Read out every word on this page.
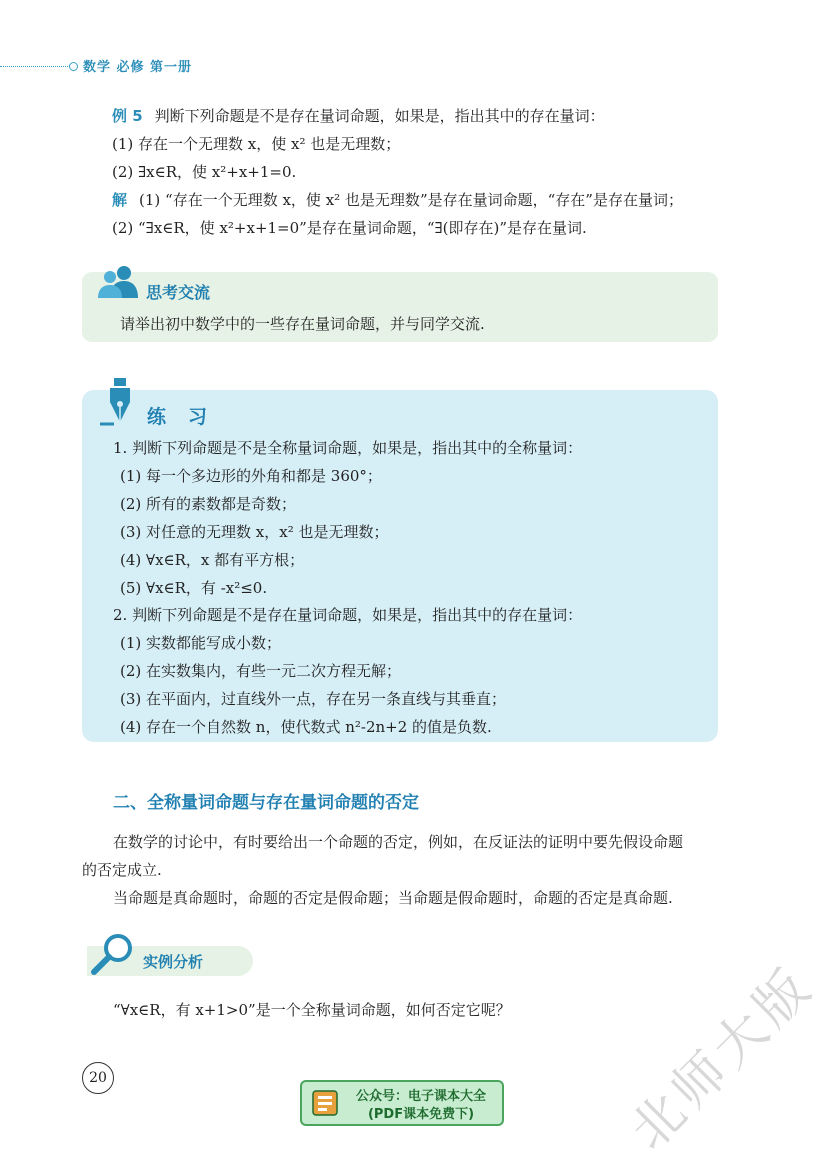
数学 必修 第一册
例 5 判断下列命题是不是存在量词命题，如果是，指出其中的存在量词：
(1) 存在一个无理数 x，使 x² 也是无理数；
(2) ∃x∈R，使 x²+x+1=0.
解 (1) “存在一个无理数 x，使 x² 也是无理数”是存在量词命题，“存在”是存在量词；
(2) “∃x∈R，使 x²+x+1=0”是存在量词命题，“∃(即存在)”是存在量词.
思考交流
请举出初中数学中的一些存在量词命题，并与同学交流.
练习
1. 判断下列命题是不是全称量词命题，如果是，指出其中的全称量词：
(1) 每一个多边形的外角和都是 360°；
(2) 所有的素数都是奇数；
(3) 对任意的无理数 x，x² 也是无理数；
(4) ∀x∈R，x 都有平方根；
(5) ∀x∈R，有 -x²≤0.
2. 判断下列命题是不是存在量词命题，如果是，指出其中的存在量词：
(1) 实数都能写成小数；
(2) 在实数集内，有些一元二次方程无解；
(3) 在平面内，过直线外一点，存在另一条直线与其垂直；
(4) 存在一个自然数 n，使代数式 n²-2n+2 的值是负数.
二、全称量词命题与存在量词命题的否定
在数学的讨论中，有时要给出一个命题的否定，例如，在反证法的证明中要先假设命题
的否定成立.
当命题是真命题时，命题的否定是假命题；当命题是假命题时，命题的否定是真命题.
实例分析
“∀x∈R，有 x+1>0”是一个全称量词命题，如何否定它呢？
20
公众号：电子课本大全
(PDF课本免费下)	北师大版
